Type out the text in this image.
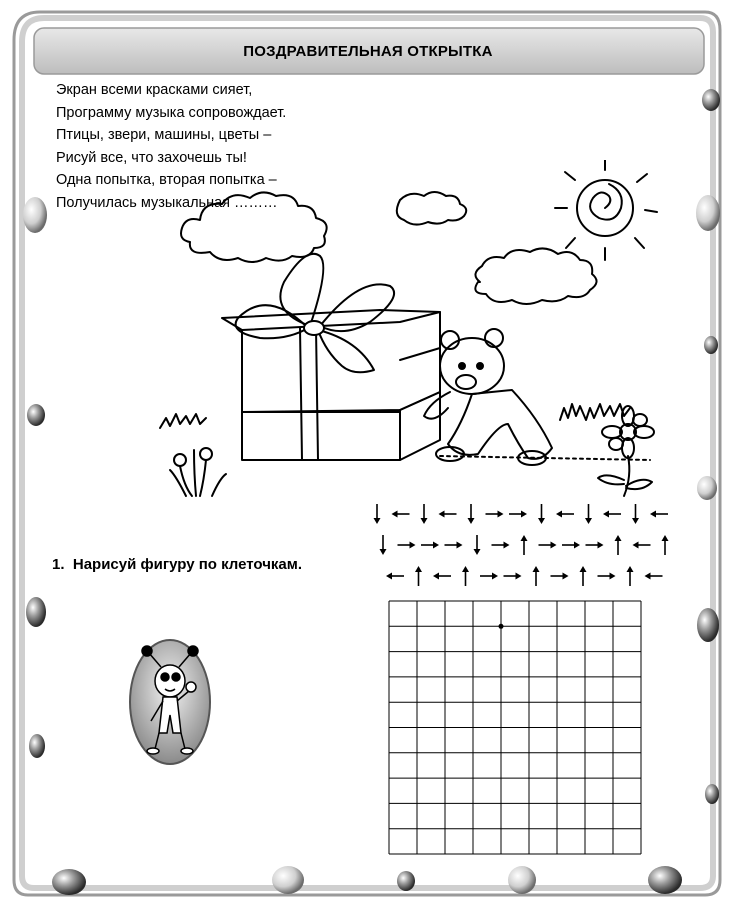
ПОЗДРАВИТЕЛЬНАЯ ОТКРЫТКА
Экран всеми красками сияет,
Программу музыка сопровождает.
Птицы, звери, машины, цветы –
Рисуй все, что захочешь ты!
Одна попытка, вторая попытка –
Получилась музыкальная ………
1. Нарисуй фигуру по клеточкам.
